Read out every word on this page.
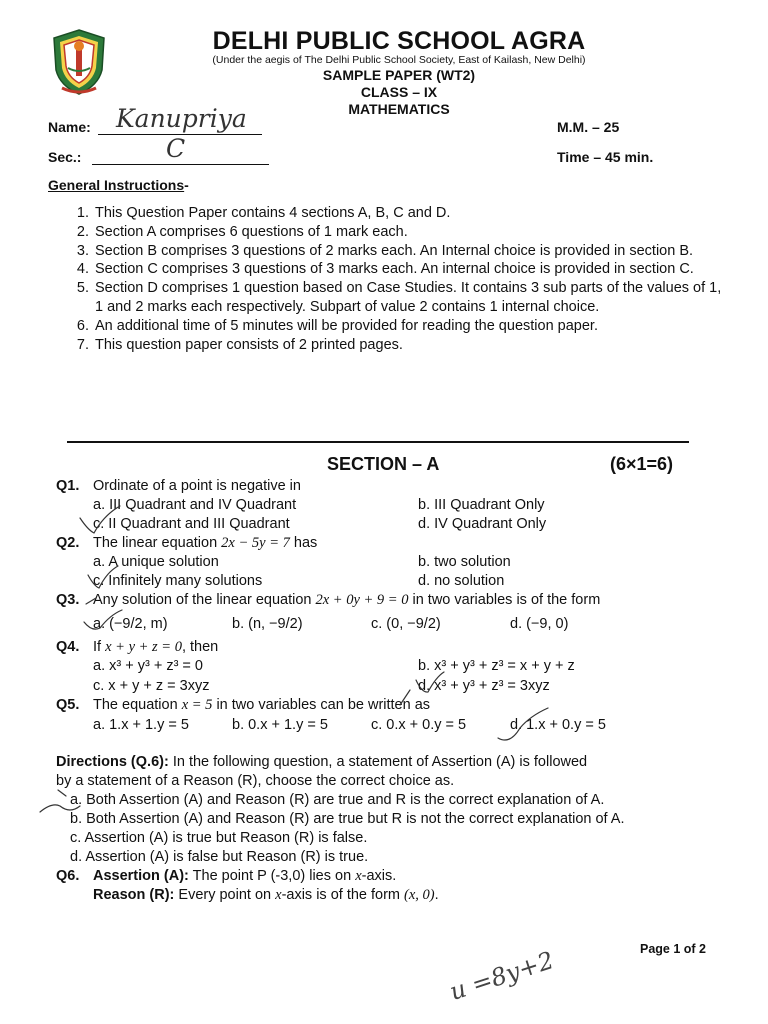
DELHI PUBLIC SCHOOL AGRA
(Under the aegis of The Delhi Public School Society, East of Kailash, New Delhi)
SAMPLE PAPER (WT2)
CLASS – IX
MATHEMATICS
Name: Kanupriya
Sec.:	C
M.M. – 25
Time – 45 min.
General Instructions-
1. This Question Paper contains 4 sections A, B, C and D.
2. Section A comprises 6 questions of 1 mark each.
3. Section B comprises 3 questions of 2 marks each. An Internal choice is provided in section B.
4. Section C comprises 3 questions of 3 marks each. An internal choice is provided in section C.
5. Section D comprises 1 question based on Case Studies. It contains 3 sub parts of the values of 1, 1 and 2 marks each respectively. Subpart of value 2 contains 1 internal choice.
6. An additional time of 5 minutes will be provided for reading the question paper.
7. This question paper consists of 2 printed pages.
SECTION – A	(6×1=6)
Q1. Ordinate of a point is negative in
a. III Quadrant and IV Quadrant	b. III Quadrant Only
c. II Quadrant and III Quadrant	d. IV Quadrant Only
Q2. The linear equation 2x − 5y = 7 has
a. A unique solution	b. two solution
c. Infinitely many solutions	d. no solution
Q3. Any solution of the linear equation 2x + 0y + 9 = 0 in two variables is of the form
a. (−9/2, m)	b. (n, −9/2)	c. (0, −9/2)	d. (−9, 0)
Q4. If x + y + z = 0, then
a. x³ + y³ + z³ = 0	b. x³ + y³ + z³ = x + y + z
c. x + y + z = 3xyz	d. x³ + y³ + z³ = 3xyz
Q5. The equation x = 5 in two variables can be written as
a. 1.x + 1.y = 5	b. 0.x + 1.y = 5	c. 0.x + 0.y = 5	d. 1.x + 0.y = 5
Directions (Q.6): In the following question, a statement of Assertion (A) is followed
by a statement of a Reason (R), choose the correct choice as.
a. Both Assertion (A) and Reason (R) are true and R is the correct explanation of A.
b. Both Assertion (A) and Reason (R) are true but R is not the correct explanation of A.
c. Assertion (A) is true but Reason (R) is false.
d. Assertion (A) is false but Reason (R) is true.
Q6. Assertion (A): The point P (-3,0) lies on x-axis.
Reason (R): Every point on x-axis is of the form (x, 0).
Page 1 of 2
u =8y+2
